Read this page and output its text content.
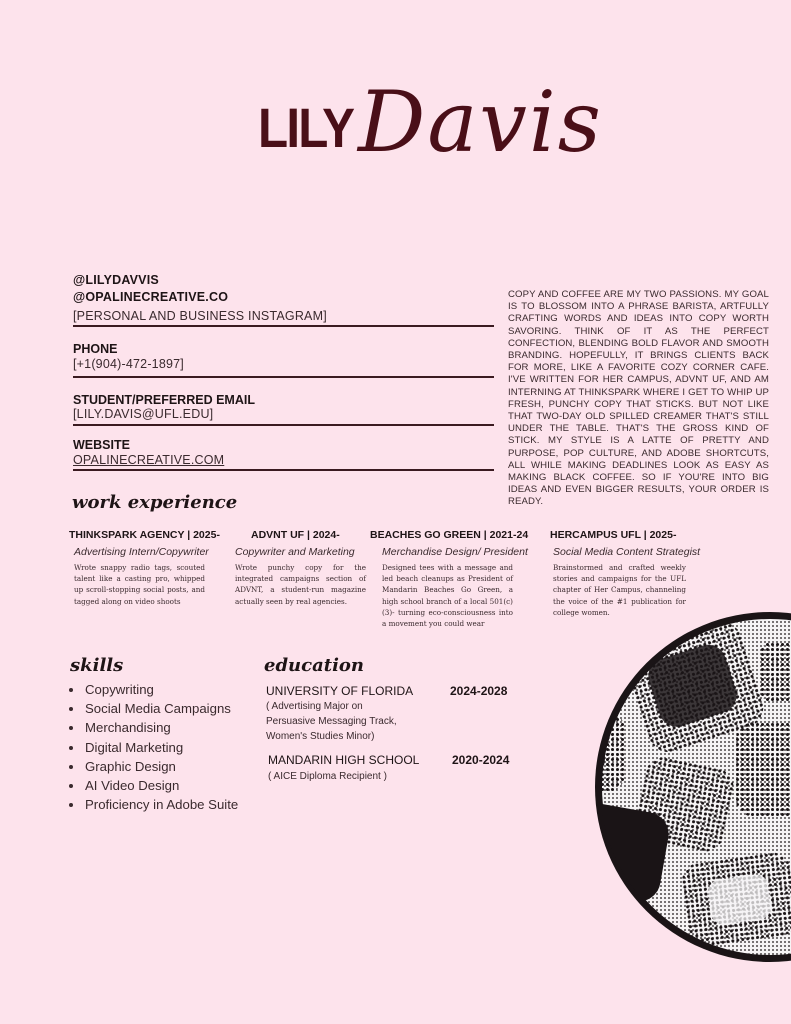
LILY Davis
@LILYDAVVIS
@OPALINECREATIVE.CO
[PERSONAL AND BUSINESS INSTAGRAM]
PHONE
[+1(904)-472-1897]
STUDENT/PREFERRED EMAIL
[LILY.DAVIS@UFL.EDU]
WEBSITE
OPALINECREATIVE.COM
COPY AND COFFEE ARE MY TWO PASSIONS. MY GOAL IS TO BLOSSOM INTO A PHRASE BARISTA, ARTFULLY CRAFTING WORDS AND IDEAS INTO COPY WORTH SAVORING. THINK OF IT AS THE PERFECT CONFECTION, BLENDING BOLD FLAVOR AND SMOOTH BRANDING. HOPEFULLY, IT BRINGS CLIENTS BACK FOR MORE, LIKE A FAVORITE COZY CORNER CAFE. I'VE WRITTEN FOR HER CAMPUS, ADVNT UF, AND AM INTERNING AT THINKSPARK WHERE I GET TO WHIP UP FRESH, PUNCHY COPY THAT STICKS. BUT NOT LIKE THAT TWO-DAY OLD SPILLED CREAMER THAT'S STILL UNDER THE TABLE. THAT'S THE GROSS KIND OF STICK. MY STYLE IS A LATTE OF PRETTY AND PURPOSE, POP CULTURE, AND ADOBE SHORTCUTS, ALL WHILE MAKING DEADLINES LOOK AS EASY AS MAKING BLACK COFFEE. SO IF YOU'RE INTO BIG IDEAS AND EVEN BIGGER RESULTS, YOUR ORDER IS READY.
work experience
THINKSPARK AGENCY | 2025-
Advertising Intern/Copywriter
Wrote snappy radio tags, scouted talent like a casting pro, whipped up scroll-stopping social posts, and tagged along on video shoots
ADVNT UF | 2024-
Copywriter and Marketing
Wrote punchy copy for the integrated campaigns section of ADVNT, a student-run magazine actually seen by real agencies.
BEACHES GO GREEN | 2021-24
Merchandise Design/ President
Designed tees with a message and led beach cleanups as President of Mandarin Beaches Go Green, a high school branch of a local 501(c)(3)- turning eco-consciousness into a movement you could wear
HERCAMPUS UFL | 2025-
Social Media Content Strategist
Brainstormed and crafted weekly stories and campaigns for the UFL chapter of Her Campus, channeling the voice of the #1 publication for college women.
skills
• Copywriting
• Social Media Campaigns
• Merchandising
• Digital Marketing
• Graphic Design
• AI Video Design
• Proficiency in Adobe Suite
education
UNIVERSITY OF FLORIDA	2024-2028
( Advertising Major on
Persuasive Messaging Track,
Women's Studies Minor)
MANDARIN HIGH SCHOOL	2020-2024
( AICE Diploma Recipient )
